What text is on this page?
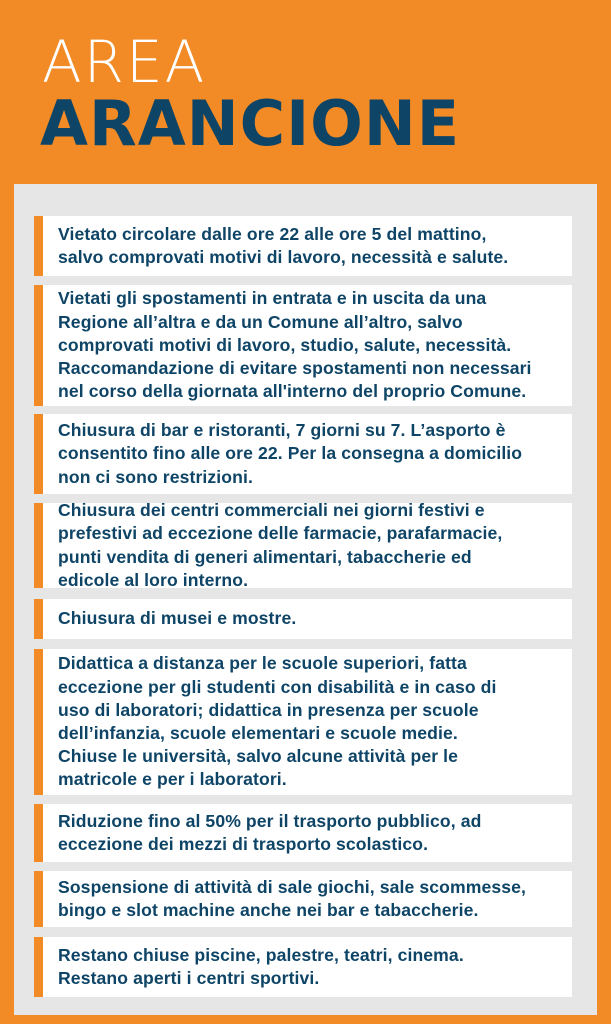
AREA
ARANCIONE
Vietato circolare dalle ore 22 alle ore 5 del mattino,
salvo comprovati motivi di lavoro, necessità e salute.
Vietati gli spostamenti in entrata e in uscita da una
Regione all’altra e da un Comune all’altro, salvo
comprovati motivi di lavoro, studio, salute, necessità.
Raccomandazione di evitare spostamenti non necessari
nel corso della giornata all'interno del proprio Comune.
Chiusura di bar e ristoranti, 7 giorni su 7. L’asporto è
consentito fino alle ore 22. Per la consegna a domicilio
non ci sono restrizioni.
Chiusura dei centri commerciali nei giorni festivi e
prefestivi ad eccezione delle farmacie, parafarmacie,
punti vendita di generi alimentari, tabaccherie ed
edicole al loro interno.
Chiusura di musei e mostre.
Didattica a distanza per le scuole superiori, fatta
eccezione per gli studenti con disabilità e in caso di
uso di laboratori; didattica in presenza per scuole
dell’infanzia, scuole elementari e scuole medie.
Chiuse le università, salvo alcune attività per le
matricole e per i laboratori.
Riduzione fino al 50% per il trasporto pubblico, ad
eccezione dei mezzi di trasporto scolastico.
Sospensione di attività di sale giochi, sale scommesse,
bingo e slot machine anche nei bar e tabaccherie.
Restano chiuse piscine, palestre, teatri, cinema.
Restano aperti i centri sportivi.
